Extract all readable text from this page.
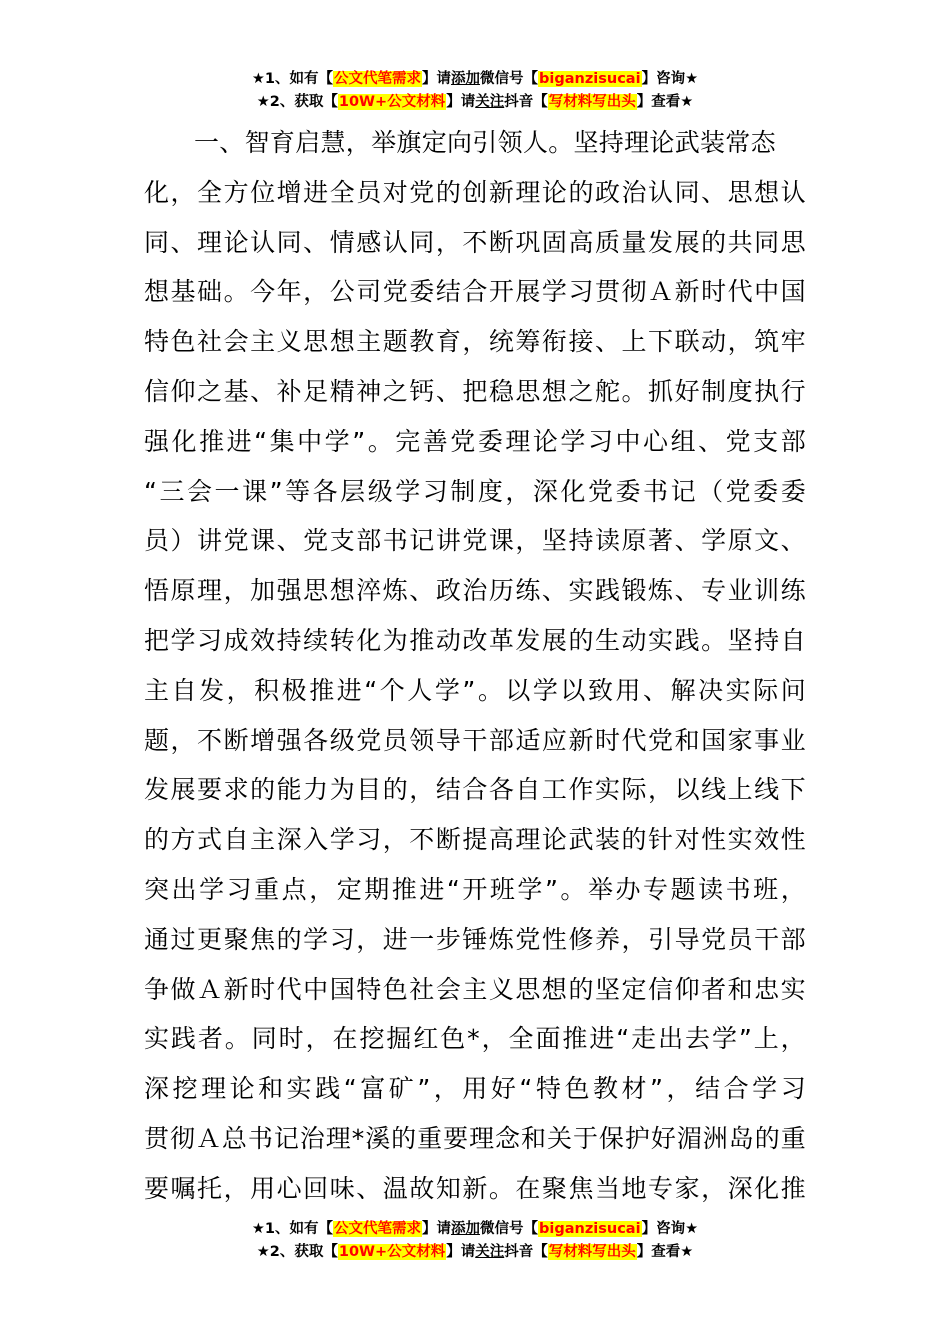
★1、如有【公文代笔需求】请添加微信号【biganzisucai】咨询★
★2、获取【10W+公文材料】请关注抖音【写材料写出头】查看★
一、智育启慧，举旗定向引领人。坚持理论武装常态
化，全方位增进全员对党的创新理论的政治认同、思想认
同、理论认同、情感认同，不断巩固高质量发展的共同思
想基础。今年，公司党委结合开展学习贯彻Ａ新时代中国
特色社会主义思想主题教育，统筹衔接、上下联动，筑牢
信仰之基、补足精神之钙、把稳思想之舵。抓好制度执行
强化推进“集中学”。完善党委理论学习中心组、党支部
“三会一课”等各层级学习制度，深化党委书记（党委委
员）讲党课、党支部书记讲党课，坚持读原著、学原文、
悟原理，加强思想淬炼、政治历练、实践锻炼、专业训练
把学习成效持续转化为推动改革发展的生动实践。坚持自
主自发，积极推进“个人学”。以学以致用、解决实际问
题，不断增强各级党员领导干部适应新时代党和国家事业
发展要求的能力为目的，结合各自工作实际，以线上线下
的方式自主深入学习，不断提高理论武装的针对性实效性
突出学习重点，定期推进“开班学”。举办专题读书班，
通过更聚焦的学习，进一步锤炼党性修养，引导党员干部
争做Ａ新时代中国特色社会主义思想的坚定信仰者和忠实
实践者。同时，在挖掘红色*，全面推进“走出去学”上，
深挖理论和实践“富矿”，用好“特色教材”，结合学习
贯彻Ａ总书记治理*溪的重要理念和关于保护好湄洲岛的重
要嘱托，用心回味、温故知新。在聚焦当地专家，深化推
★1、如有【公文代笔需求】请添加微信号【biganzisucai】咨询★
★2、获取【10W+公文材料】请关注抖音【写材料写出头】查看★
